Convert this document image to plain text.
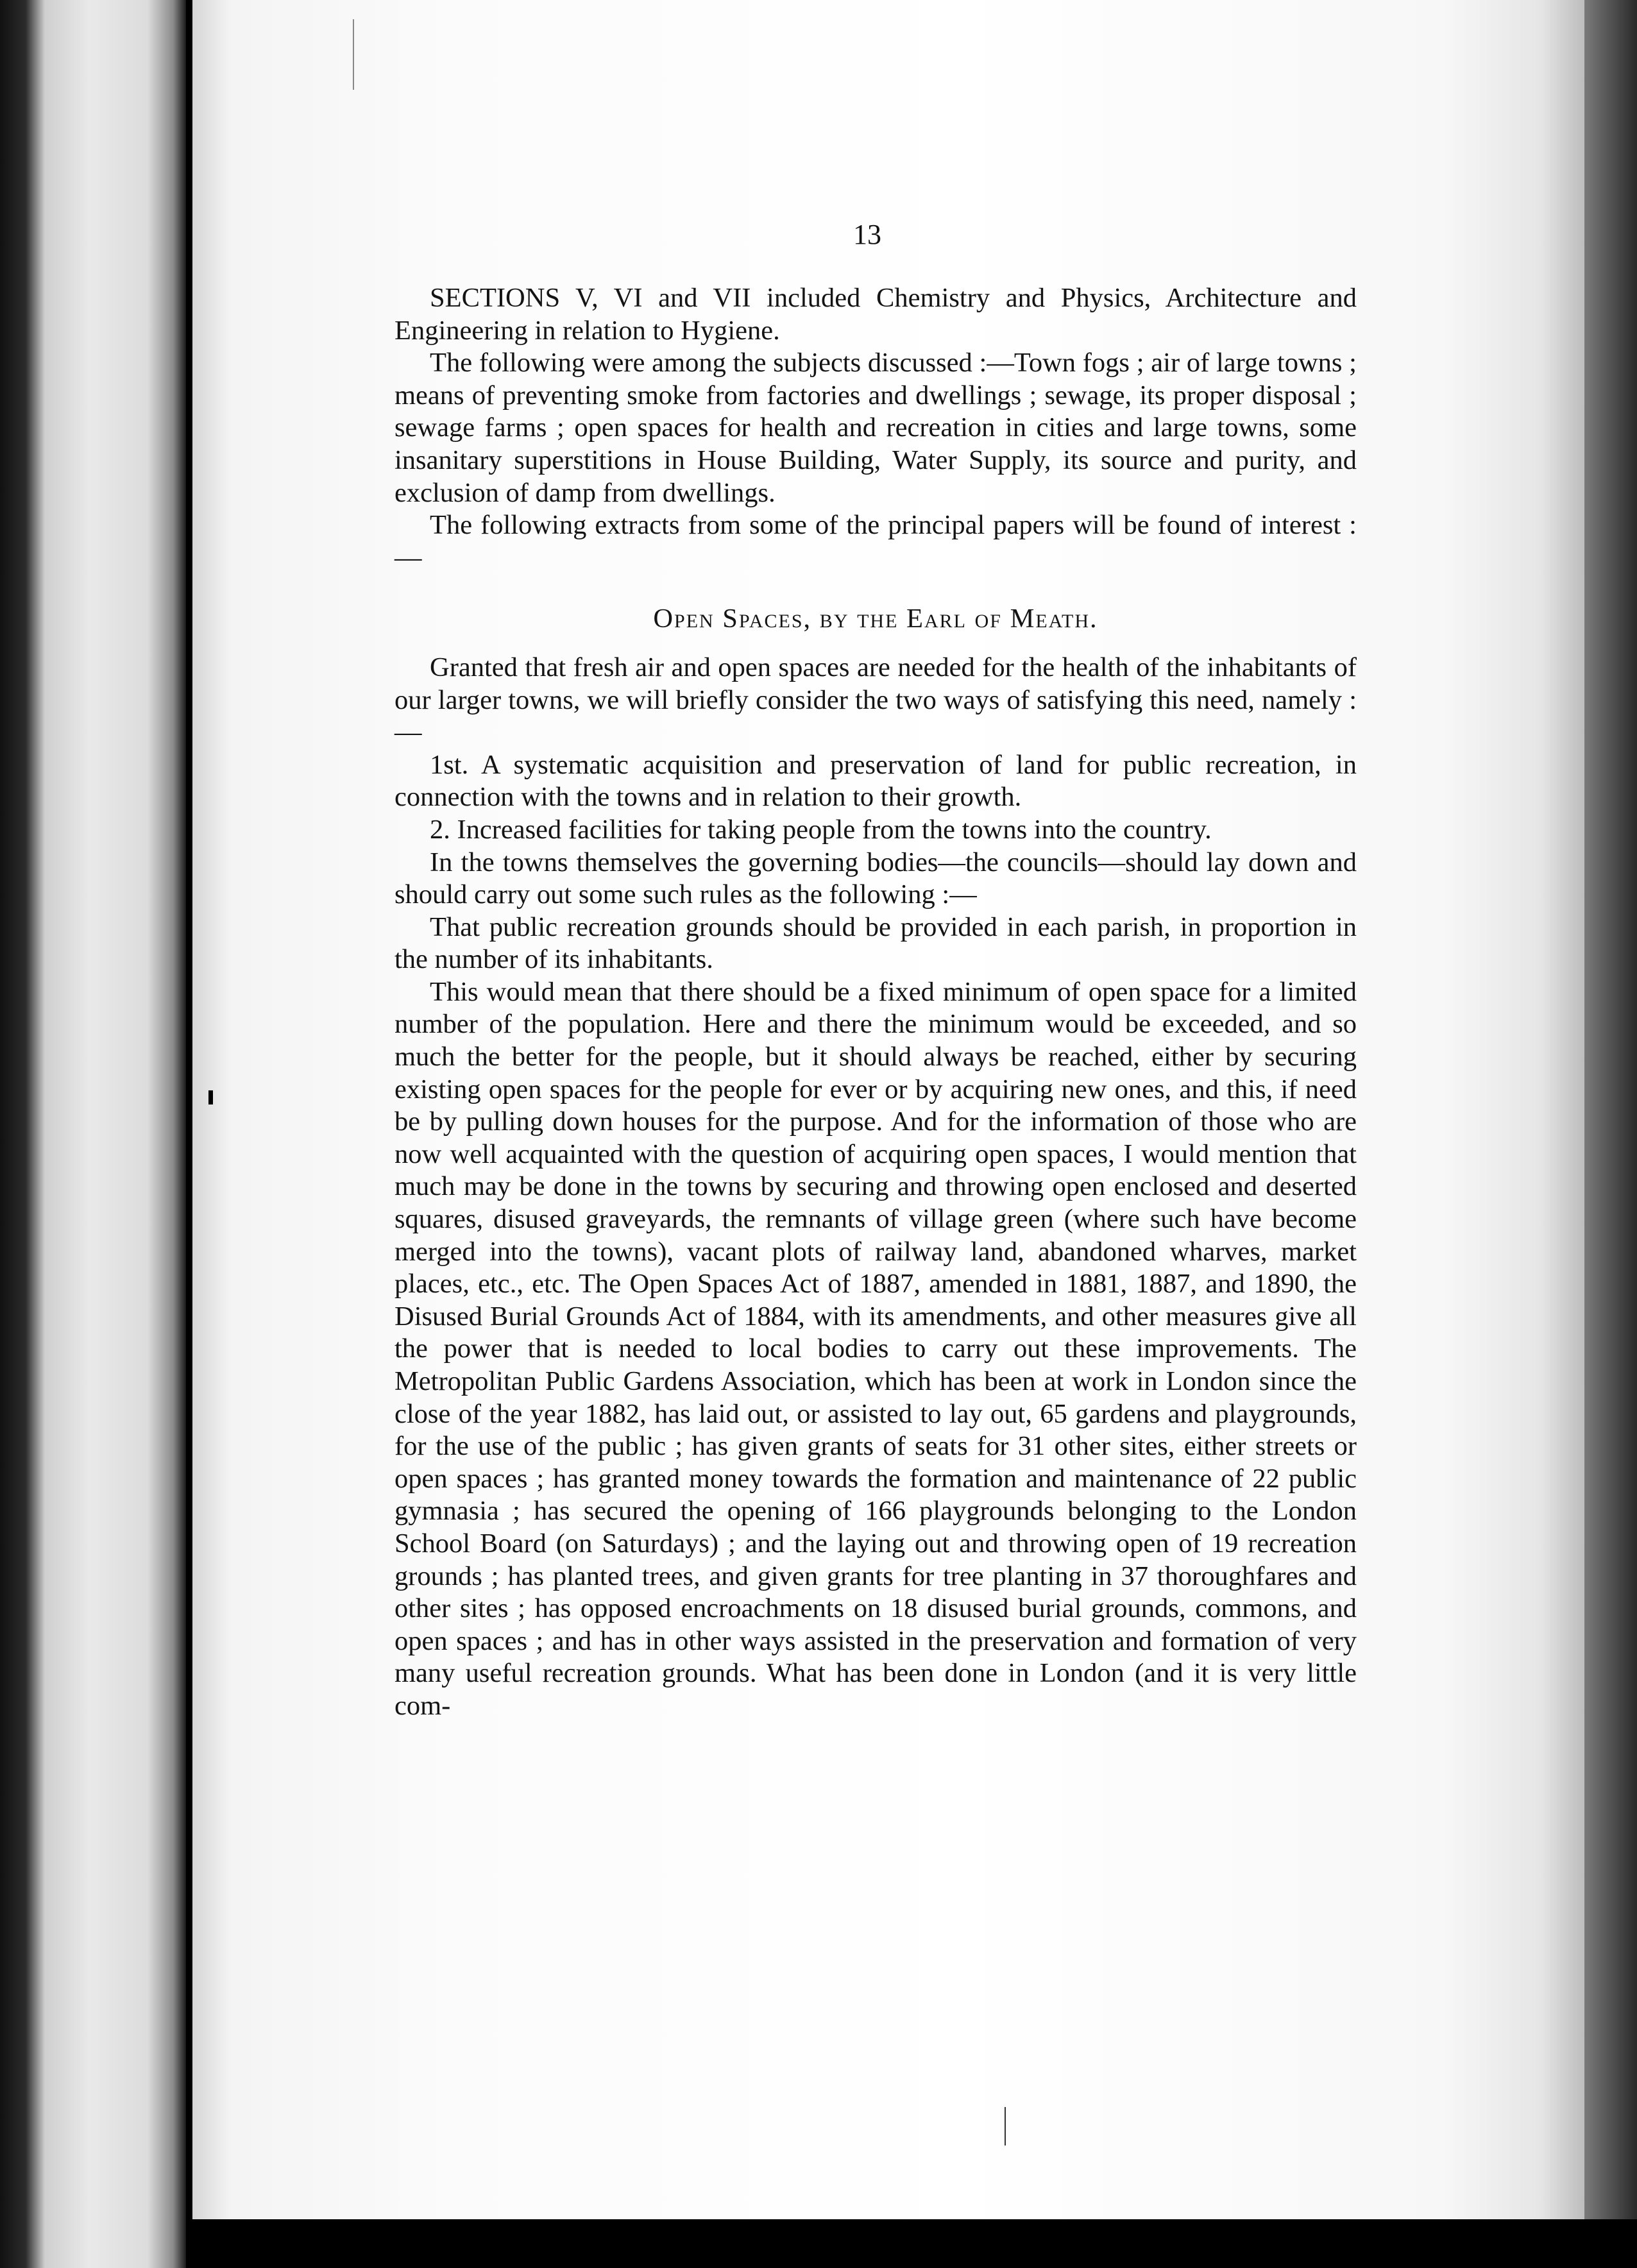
13

SECTIONS V, VI and VII included Chemistry and Physics, Architecture and Engineering in relation to Hygiene.

The following were among the subjects discussed :—Town fogs ; air of large towns ; means of preventing smoke from factories and dwellings ; sewage, its proper disposal ; sewage farms ; open spaces for health and recreation in cities and large towns, some insanitary superstitions in House Building, Water Supply, its source and purity, and exclusion of damp from dwellings.

The following extracts from some of the principal papers will be found of interest :—

Open Spaces, by the Earl of Meath.

Granted that fresh air and open spaces are needed for the health of the inhabitants of our larger towns, we will briefly consider the two ways of satisfying this need, namely :—

1st. A systematic acquisition and preservation of land for public recreation, in connection with the towns and in relation to their growth.

2. Increased facilities for taking people from the towns into the country.

In the towns themselves the governing bodies—the councils—should lay down and should carry out some such rules as the following :—

That public recreation grounds should be provided in each parish, in proportion in the number of its inhabitants.

This would mean that there should be a fixed minimum of open space for a limited number of the population. Here and there the minimum would be exceeded, and so much the better for the people, but it should always be reached, either by securing existing open spaces for the people for ever or by acquiring new ones, and this, if need be by pulling down houses for the purpose. And for the information of those who are now well acquainted with the question of acquiring open spaces, I would mention that much may be done in the towns by securing and throwing open enclosed and deserted squares, disused graveyards, the remnants of village green (where such have become merged into the towns), vacant plots of railway land, abandoned wharves, market places, etc., etc. The Open Spaces Act of 1887, amended in 1881, 1887, and 1890, the Disused Burial Grounds Act of 1884, with its amendments, and other measures give all the power that is needed to local bodies to carry out these improvements. The Metropolitan Public Gardens Association, which has been at work in London since the close of the year 1882, has laid out, or assisted to lay out, 65 gardens and playgrounds, for the use of the public ; has given grants of seats for 31 other sites, either streets or open spaces ; has granted money towards the formation and maintenance of 22 public gymnasia ; has secured the opening of 166 playgrounds belonging to the London School Board (on Saturdays) ; and the laying out and throwing open of 19 recreation grounds ; has planted trees, and given grants for tree planting in 37 thoroughfares and other sites ; has opposed encroachments on 18 disused burial grounds, commons, and open spaces ; and has in other ways assisted in the preservation and formation of very many useful recreation grounds. What has been done in London (and it is very little com-
